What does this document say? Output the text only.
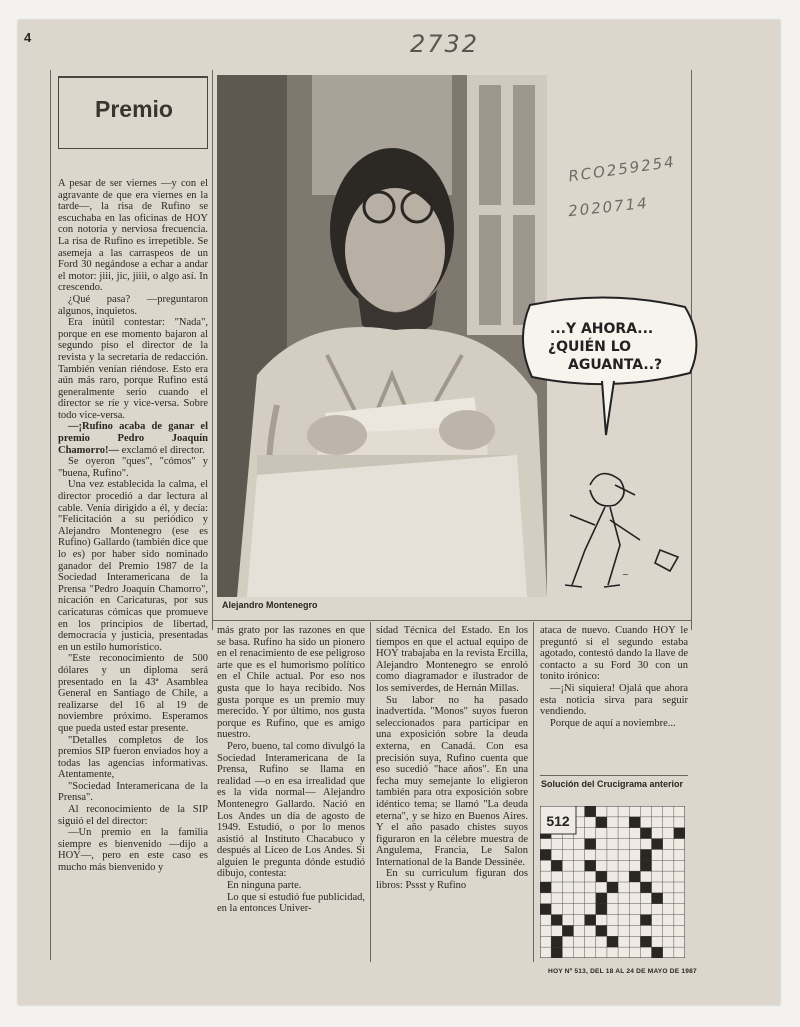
4	2732
RCO259254
2020714
Premio

A pesar de ser viernes —y con el agravante de que era viernes en la tarde—, la risa de Rufino se escuchaba en las oficinas de HOY con notoria y nerviosa frecuencia. La risa de Rufino es irrepetible. Se asemeja a las carraspeos de un Ford 30 negándose a echar a andar el motor: jiii, jic, jiiii, o algo así. In crescendo.

¿Qué pasa? —preguntaron algunos, inquietos.

Era inútil contestar: "Nada", porque en ese momento bajaron al segundo piso el director de la revista y la secretaria de redacción. También venían riéndose. Esto era aún más raro, porque Rufino está generalmente serio cuando el director se ríe y vice-versa. Sobre todo vice-versa.

—¡Rufino acaba de ganar el premio Pedro Joaquín Chamorro!— exclamó el director.

Se oyeron "ques", "cómos" y "buena, Rufino".

Una vez establecida la calma, el director procedió a dar lectura al cable. Venía dirigido a él, y decía: "Felicitación a su periódico y Alejandro Montenegro (ese es Rufino) Gallardo (también dice que lo es) por haber sido nominado ganador del Premio 1987 de la Sociedad Interamericana de la Prensa "Pedro Joaquín Chamorro", nicación en Caricaturas, por sus caricaturas cómicas que promueve en los principios de libertad, democracia y justicia, presentadas en un estilo humorístico.

"Este reconocimiento de 500 dólares y un diploma será presentado en la 43ª Asamblea General en Santiago de Chile, a realizarse del 16 al 19 de noviembre próximo. Esperamos que pueda usted estar presente.

"Detalles completos de los premios SIP fueron enviados hoy a todas las agencias informativas. Atentamente,

"Sociedad Interamericana de la Prensa".

Al reconocimiento de la SIP siguió el del director:

—Un premio en la familia siempre es bienvenido —dijo a HOY—, pero en este caso es mucho más bienvenido y

Alejandro Montenegro
...Y AHORA...
¿QUIÉN LO
AGUANTA..?
~

más grato por las razones en que se basa. Rufino ha sido un pionero en el renacimiento de ese peligroso arte que es el humorismo político en el Chile actual. Por eso nos gusta que lo haya recibido. Nos gusta porque es un premio muy merecido. Y por último, nos gusta porque es Rufino, que es amigo nuestro.

Pero, bueno, tal como divulgó la Sociedad Interamericana de la Prensa, Rufino se llama en realidad —o en esa irrealidad que es la vida normal— Alejandro Montenegro Gallardo. Nació en Los Andes un día de agosto de 1949. Estudió, o por lo menos asistió al Instituto Chacabuco y después al Liceo de Los Andes. Si alguien le pregunta dónde estudió dibujo, contesta:

En ninguna parte.

Lo que sí estudió fue publicidad, en la entonces Univer-

sidad Técnica del Estado. En los tiempos en que el actual equipo de HOY trabajaba en la revista Ercilla, Alejandro Montenegro se enroló como diagramador e ilustrador de los semiverdes, de Hernán Millas.

Su labor no ha pasado inadvertida. "Monos" suyos fueron seleccionados para participar en una exposición sobre la deuda externa, en Canadá. Con esa precisión suya, Rufino cuenta que eso sucedió "hace años". En una fecha muy semejante lo eligieron también para otra exposición sobre idéntico tema; se llamó "La deuda eterna", y se hizo en Buenos Aires. Y el año pasado chistes suyos figuraron en la célebre muestra de Angulema, Francia, Le Salon International de la Bande Dessinée.

En su curriculum figuran dos libros: Pssst y Rufino

ataca de nuevo. Cuando HOY le preguntó si el segundo estaba agotado, contestó dando la llave de contacto a su Ford 30 con un tonito irónico:

—¡Ni siquiera! Ojalá que ahora esta noticia sirva para seguir vendiendo.

Porque de aquí a noviembre...

Solución del Crucigrama anterior
512
HOY Nº 513, DEL 18 AL 24 DE MAYO DE 1987
